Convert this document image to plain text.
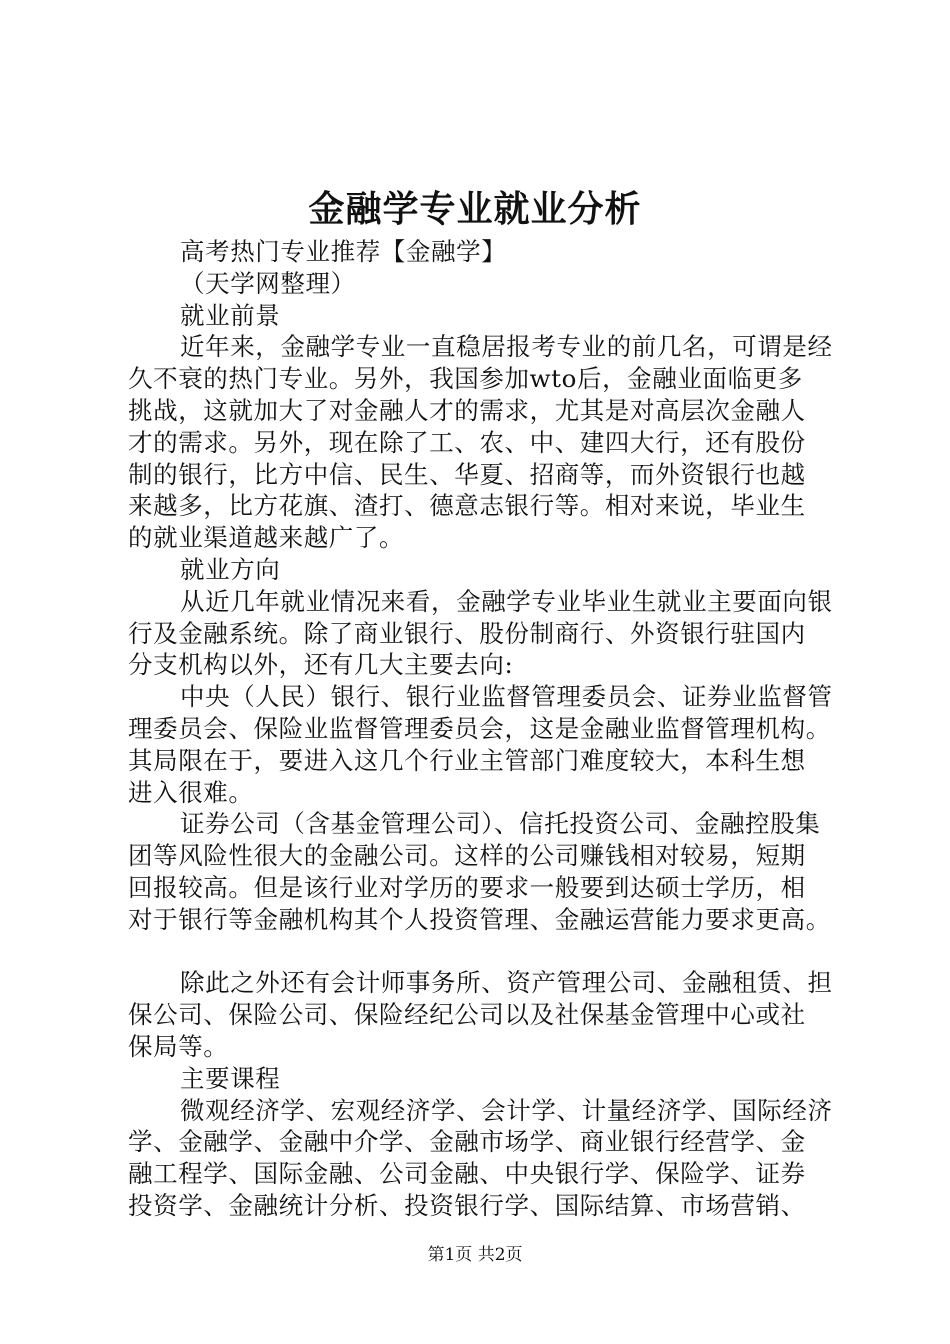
金融学专业就业分析
高考热门专业推荐【金融学】
（天学网整理）
就业前景
近年来，金融学专业一直稳居报考专业的前几名，可谓是经
久不衰的热门专业。另外，我国参加wto后，金融业面临更多
挑战，这就加大了对金融人才的需求，尤其是对高层次金融人
才的需求。另外，现在除了工、农、中、建四大行，还有股份
制的银行，比方中信、民生、华夏、招商等，而外资银行也越
来越多，比方花旗、渣打、德意志银行等。相对来说，毕业生
的就业渠道越来越广了。
就业方向
从近几年就业情况来看，金融学专业毕业生就业主要面向银
行及金融系统。除了商业银行、股份制商行、外资银行驻国内
分支机构以外，还有几大主要去向:
中央（人民）银行、银行业监督管理委员会、证券业监督管
理委员会、保险业监督管理委员会，这是金融业监督管理机构。
其局限在于，要进入这几个行业主管部门难度较大，本科生想
进入很难。
证券公司（含基金管理公司）、信托投资公司、金融控股集
团等风险性很大的金融公司。这样的公司赚钱相对较易，短期
回报较高。但是该行业对学历的要求一般要到达硕士学历，相
对于银行等金融机构其个人投资管理、金融运营能力要求更高。
除此之外还有会计师事务所、资产管理公司、金融租赁、担
保公司、保险公司、保险经纪公司以及社保基金管理中心或社
保局等。
主要课程
微观经济学、宏观经济学、会计学、计量经济学、国际经济
学、金融学、金融中介学、金融市场学、商业银行经营学、金
融工程学、国际金融、公司金融、中央银行学、保险学、证券
投资学、金融统计分析、投资银行学、国际结算、市场营销、
第1页 共2页
